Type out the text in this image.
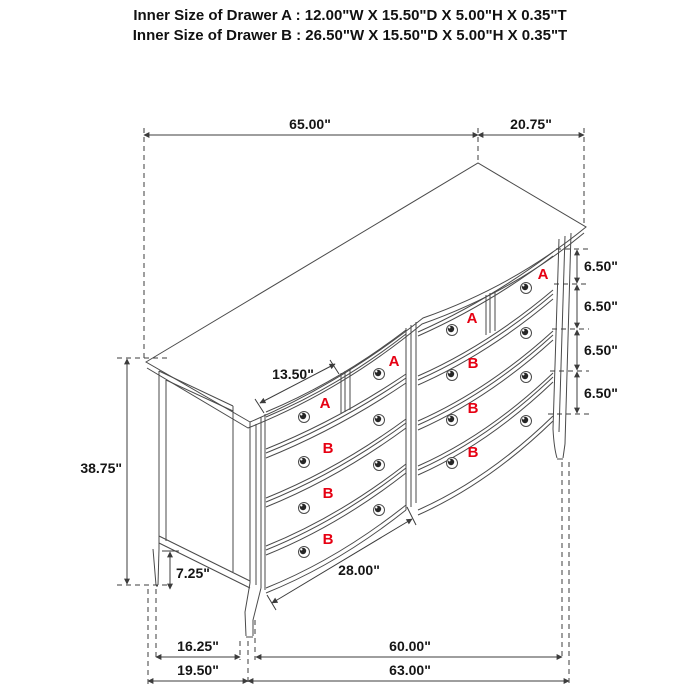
Inner Size of Drawer A : 12.00"W X 15.50"D X 5.00"H X 0.35"T
Inner Size of Drawer B : 26.50"W X 15.50"D X 5.00"H X 0.35"T
A
A
A
A
B
B
B
B
B
B
65.00"	20.75"
6.50"
6.50"
6.50"
6.50"
13.50"
38.75"
7.25"	28.00"
16.25"	60.00"
19.50"	63.00"
